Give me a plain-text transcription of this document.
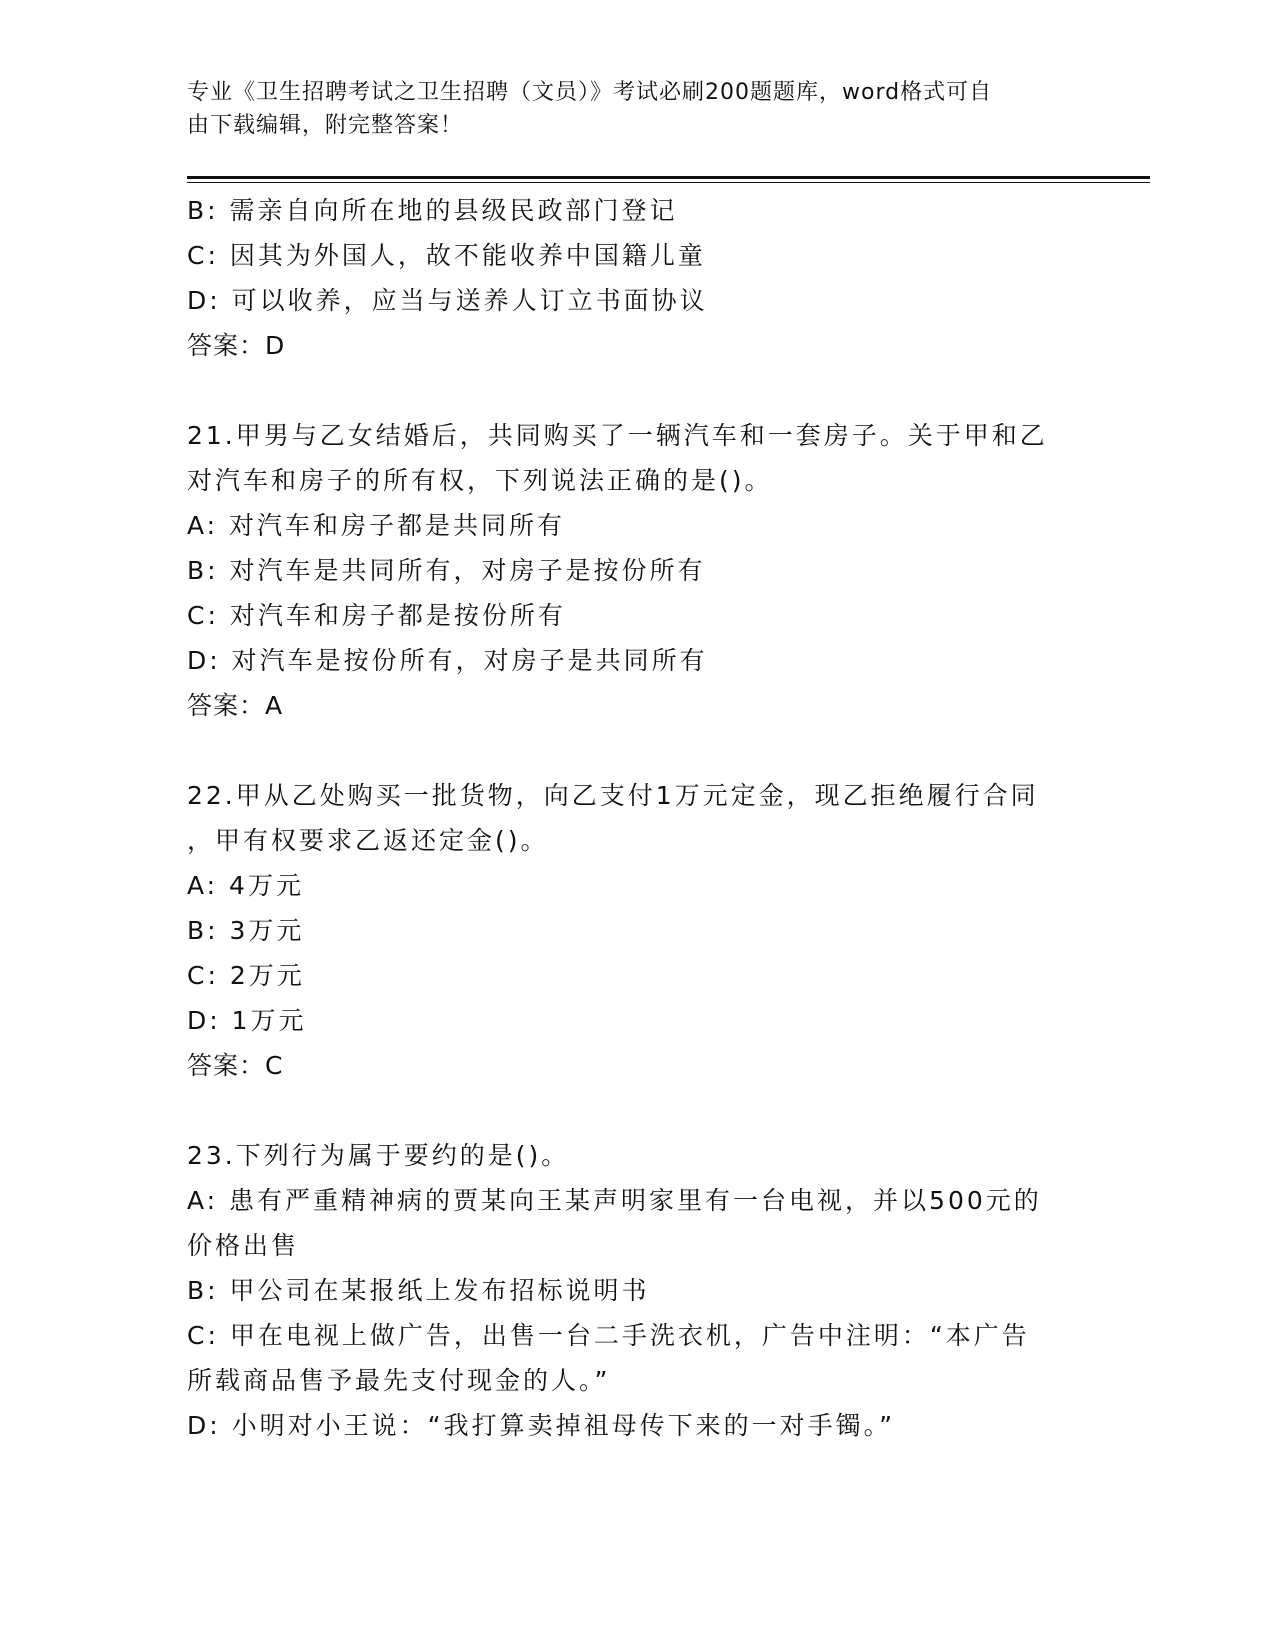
专业《卫生招聘考试之卫生招聘（文员）》考试必刷200题题库，word格式可自
由下载编辑，附完整答案！
B: 需亲自向所在地的县级民政部门登记
C: 因其为外国人，故不能收养中国籍儿童
D: 可以收养，应当与送养人订立书面协议
答案：D
21.甲男与乙女结婚后，共同购买了一辆汽车和一套房子。关于甲和乙
对汽车和房子的所有权，下列说法正确的是()。
A: 对汽车和房子都是共同所有
B: 对汽车是共同所有，对房子是按份所有
C: 对汽车和房子都是按份所有
D: 对汽车是按份所有，对房子是共同所有
答案：A
22.甲从乙处购买一批货物，向乙支付1万元定金，现乙拒绝履行合同
，甲有权要求乙返还定金()。
A: 4万元
B: 3万元
C: 2万元
D: 1万元
答案：C
23.下列行为属于要约的是()。
A: 患有严重精神病的贾某向王某声明家里有一台电视，并以500元的
价格出售
B: 甲公司在某报纸上发布招标说明书
C: 甲在电视上做广告，出售一台二手洗衣机，广告中注明：“本广告
所载商品售予最先支付现金的人。”
D: 小明对小王说：“我打算卖掉祖母传下来的一对手镯。”
